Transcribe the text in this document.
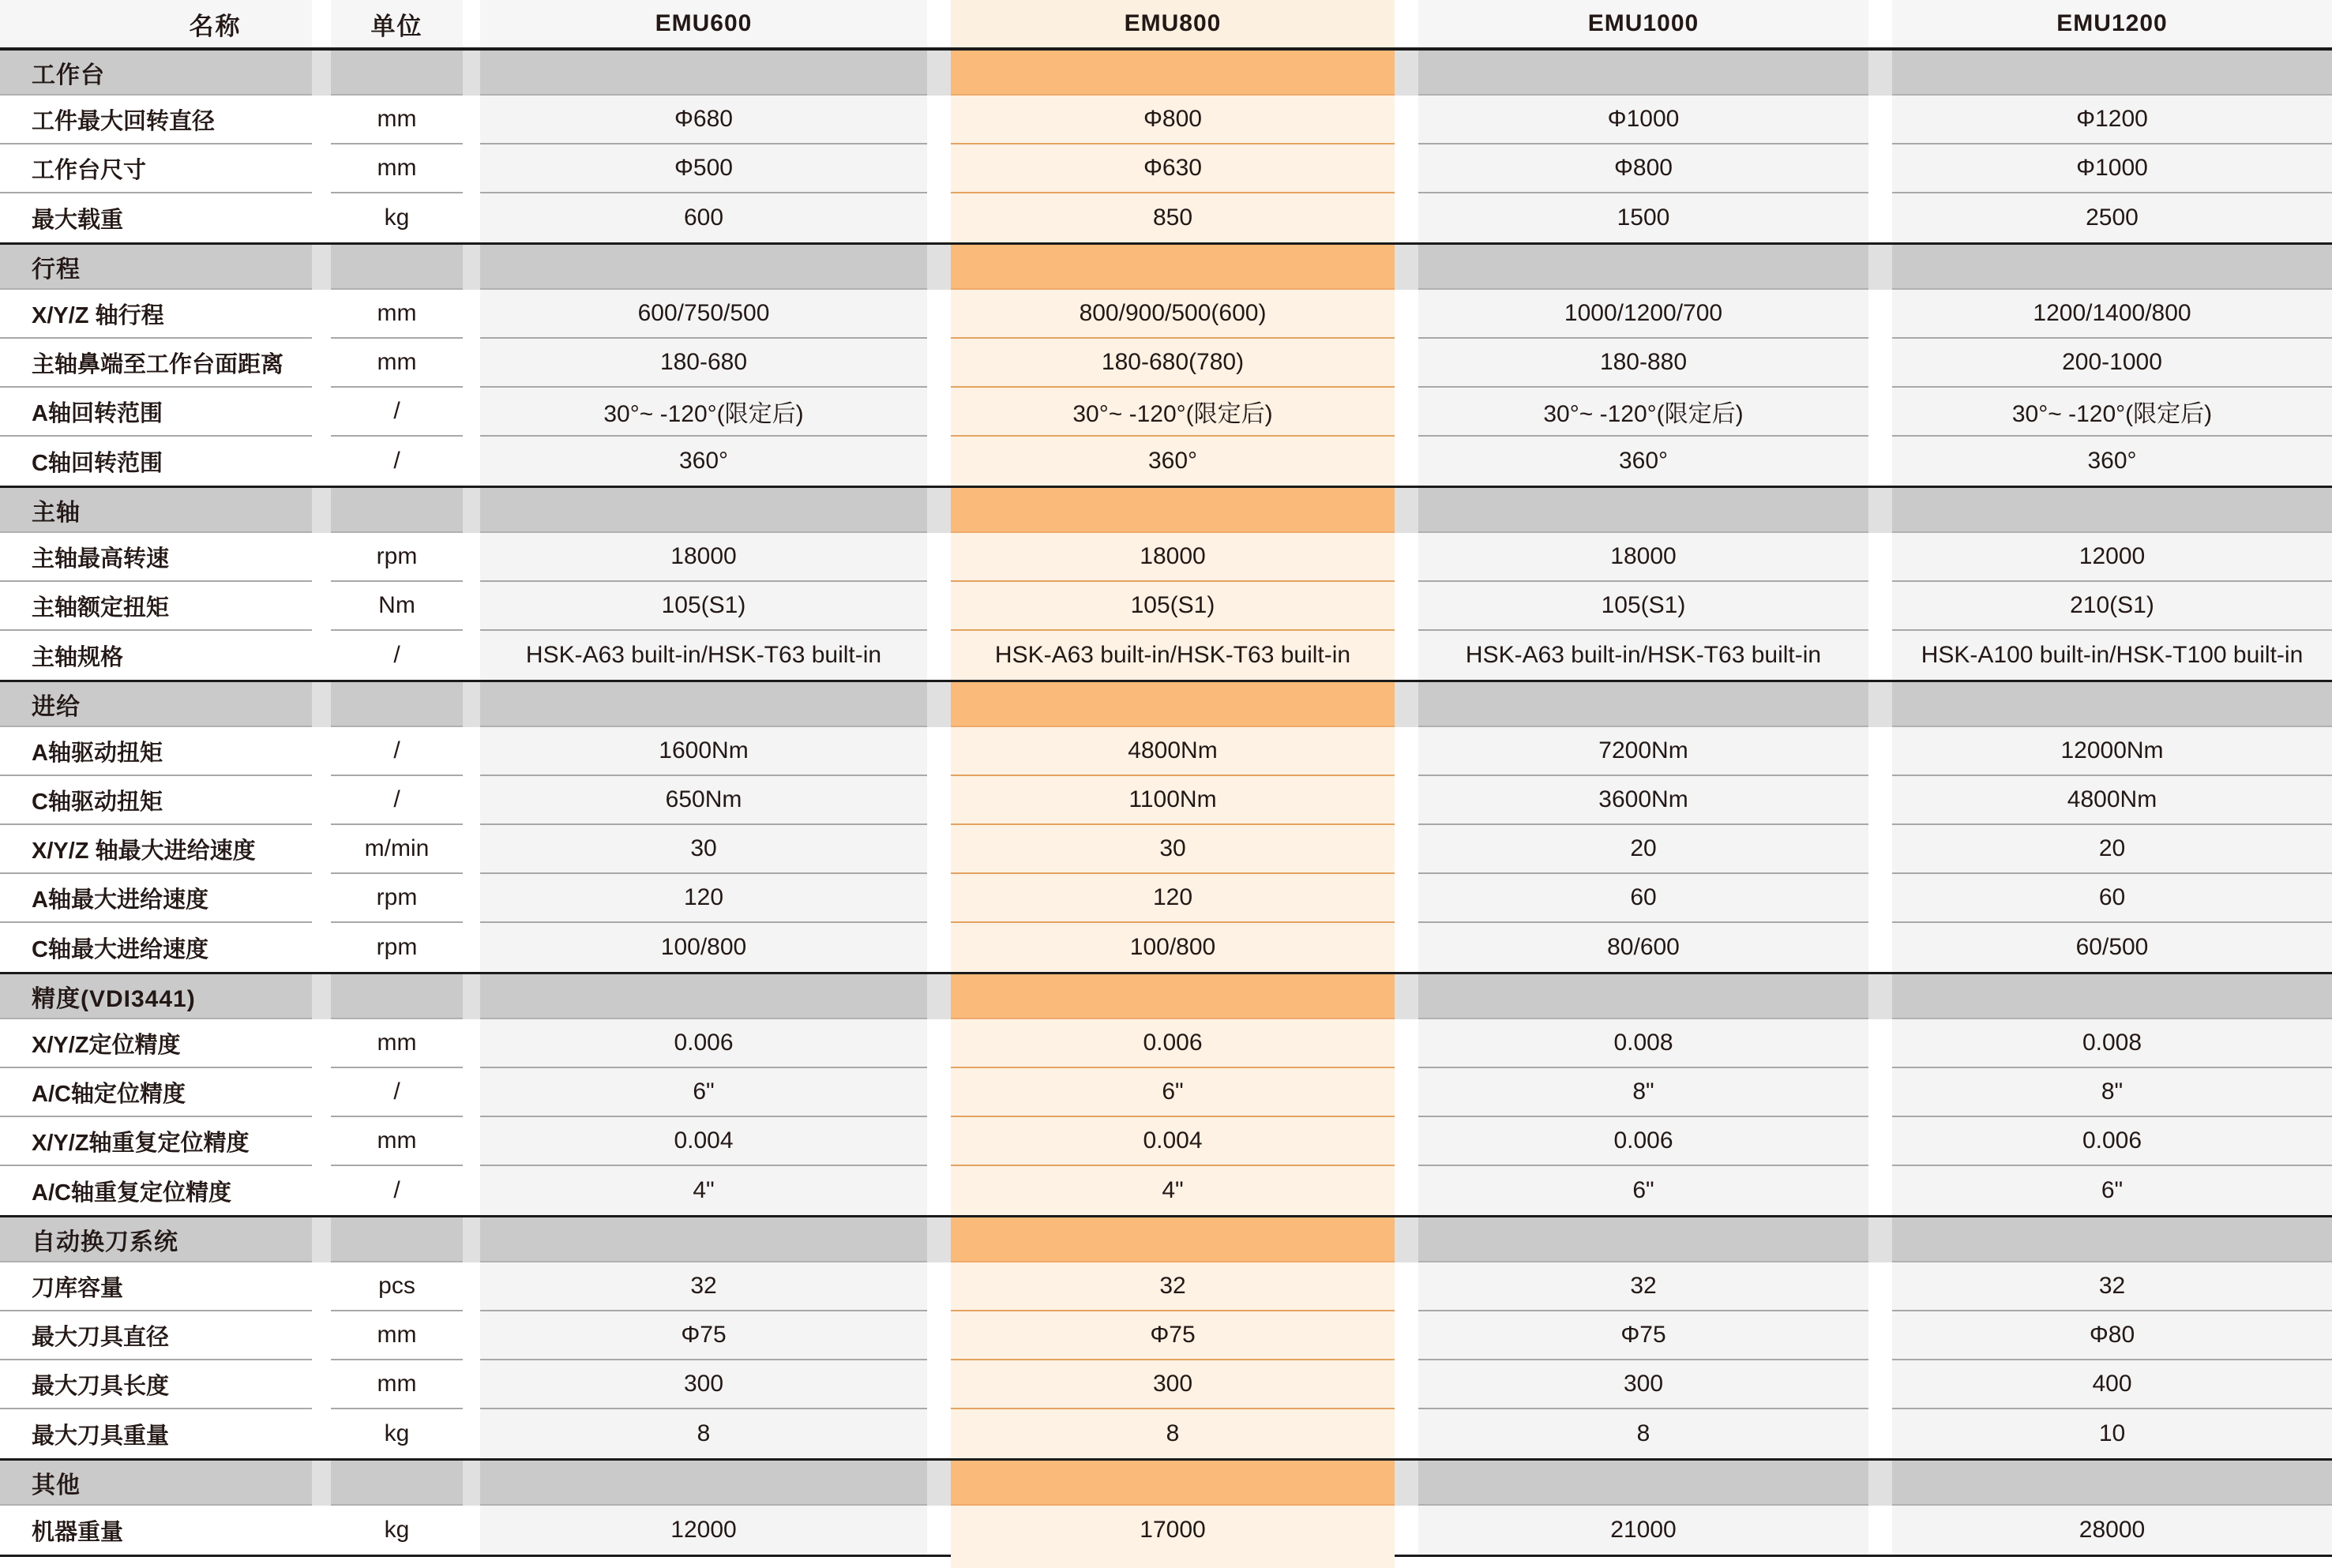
名称	单位	EMU600	EMU800	EMU1000	EMU1200
工作台
工件最大回转直径	mm	Φ680	Φ800	Φ1000	Φ1200
工作台尺寸	mm	Φ500	Φ630	Φ800	Φ1000
最大载重	kg	600	850	1500	2500
行程
X/Y/Z 轴行程	mm	600/750/500	800/900/500(600)	1000/1200/700	1200/1400/800
主轴鼻端至工作台面距离	mm	180-680	180-680(780)	180-880	200-1000
A轴回转范围	/	30°~ -120°(限定后)	30°~ -120°(限定后)	30°~ -120°(限定后)	30°~ -120°(限定后)
C轴回转范围	/	360°	360°	360°	360°
主轴
主轴最高转速	rpm	18000	18000	18000	12000
主轴额定扭矩	Nm	105(S1)	105(S1)	105(S1)	210(S1)
主轴规格	/	HSK-A63 built-in/HSK-T63 built-in	HSK-A63 built-in/HSK-T63 built-in	HSK-A63 built-in/HSK-T63 built-in	HSK-A100 built-in/HSK-T100 built-in
进给
A轴驱动扭矩	/	1600Nm	4800Nm	7200Nm	12000Nm
C轴驱动扭矩	/	650Nm	1100Nm	3600Nm	4800Nm
X/Y/Z 轴最大进给速度	m/min	30	30	20	20
A轴最大进给速度	rpm	120	120	60	60
C轴最大进给速度	rpm	100/800	100/800	80/600	60/500
精度(VDI3441)
X/Y/Z定位精度	mm	0.006	0.006	0.008	0.008
A/C轴定位精度	/	6"	6"	8"	8"
X/Y/Z轴重复定位精度	mm	0.004	0.004	0.006	0.006
A/C轴重复定位精度	/	4"	4"	6"	6"
自动换刀系统
刀库容量	pcs	32	32	32	32
最大刀具直径	mm	Φ75	Φ75	Φ75	Φ80
最大刀具长度	mm	300	300	300	400
最大刀具重量	kg	8	8	8	10
其他
机器重量	kg	12000	17000	21000	28000
